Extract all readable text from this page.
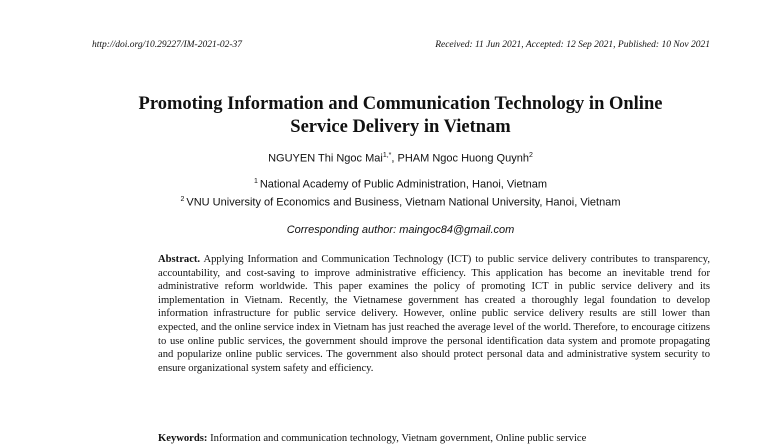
http://doi.org/10.29227/IM-2021-02-37	Received: 11 Jun 2021, Accepted: 12 Sep 2021, Published: 10 Nov 2021
Promoting Information and Communication Technology in Online
Service Delivery in Vietnam
NGUYEN Thi Ngoc Mai$^{1,*}$, PHAM Ngoc Huong Quynh$^2$
$^1$ National Academy of Public Administration, Hanoi, Vietnam
$^2$ VNU University of Economics and Business, Vietnam National University, Hanoi, Vietnam
Corresponding author: maingoc84@gmail.com
Abstract. Applying Information and Communication Technology (ICT) to public service delivery contributes to transparency, accountability, and cost-saving to improve administrative efficiency. This application has become an inevitable trend for administrative reform worldwide. This paper examines the policy of promoting ICT in public service delivery and its implementation in Vietnam. Recently, the Vietnamese government has created a thoroughly legal foundation to develop information infrastructure for public service delivery. However, online public service delivery results are still lower than expected, and the online service index in Vietnam has just reached the average level of the world. Therefore, to encourage citizens to use online public services, the government should improve the personal identification data system and promote propagating and popularize online public services. The government also should protect personal data and administrative system security to ensure organizational system safety and efficiency.
Keywords: Information and communication technology, Vietnam government, Online public service
